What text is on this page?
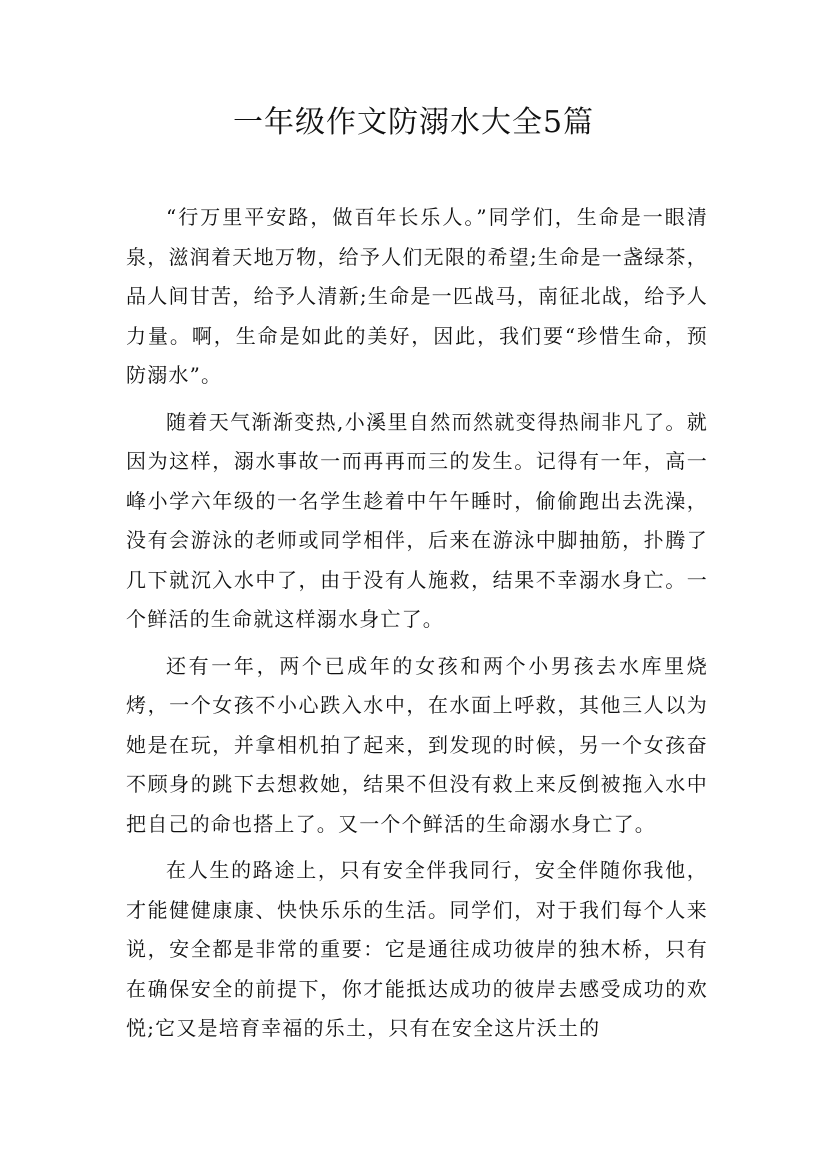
一年级作文防溺水大全5篇

“行万里平安路，做百年长乐人。”同学们，生命是一眼清泉，滋润着天地万物，给予人们无限的希望;生命是一盏绿茶，品人间甘苦，给予人清新;生命是一匹战马，南征北战，给予人力量。啊，生命是如此的美好，因此，我们要“珍惜生命，预防溺水”。

随着天气渐渐变热,小溪里自然而然就变得热闹非凡了。就因为这样，溺水事故一而再再而三的发生。记得有一年，高一峰小学六年级的一名学生趁着中午午睡时，偷偷跑出去洗澡，没有会游泳的老师或同学相伴，后来在游泳中脚抽筋，扑腾了几下就沉入水中了，由于没有人施救，结果不幸溺水身亡。一个鲜活的生命就这样溺水身亡了。

还有一年，两个已成年的女孩和两个小男孩去水库里烧烤，一个女孩不小心跌入水中，在水面上呼救，其他三人以为她是在玩，并拿相机拍了起来，到发现的时候，另一个女孩奋不顾身的跳下去想救她，结果不但没有救上来反倒被拖入水中把自己的命也搭上了。又一个个鲜活的生命溺水身亡了。

在人生的路途上，只有安全伴我同行，安全伴随你我他，才能健健康康、快快乐乐的生活。同学们，对于我们每个人来说，安全都是非常的重要：它是通往成功彼岸的独木桥，只有在确保安全的前提下，你才能抵达成功的彼岸去感受成功的欢悦;它又是培育幸福的乐土，只有在安全这片沃土的
